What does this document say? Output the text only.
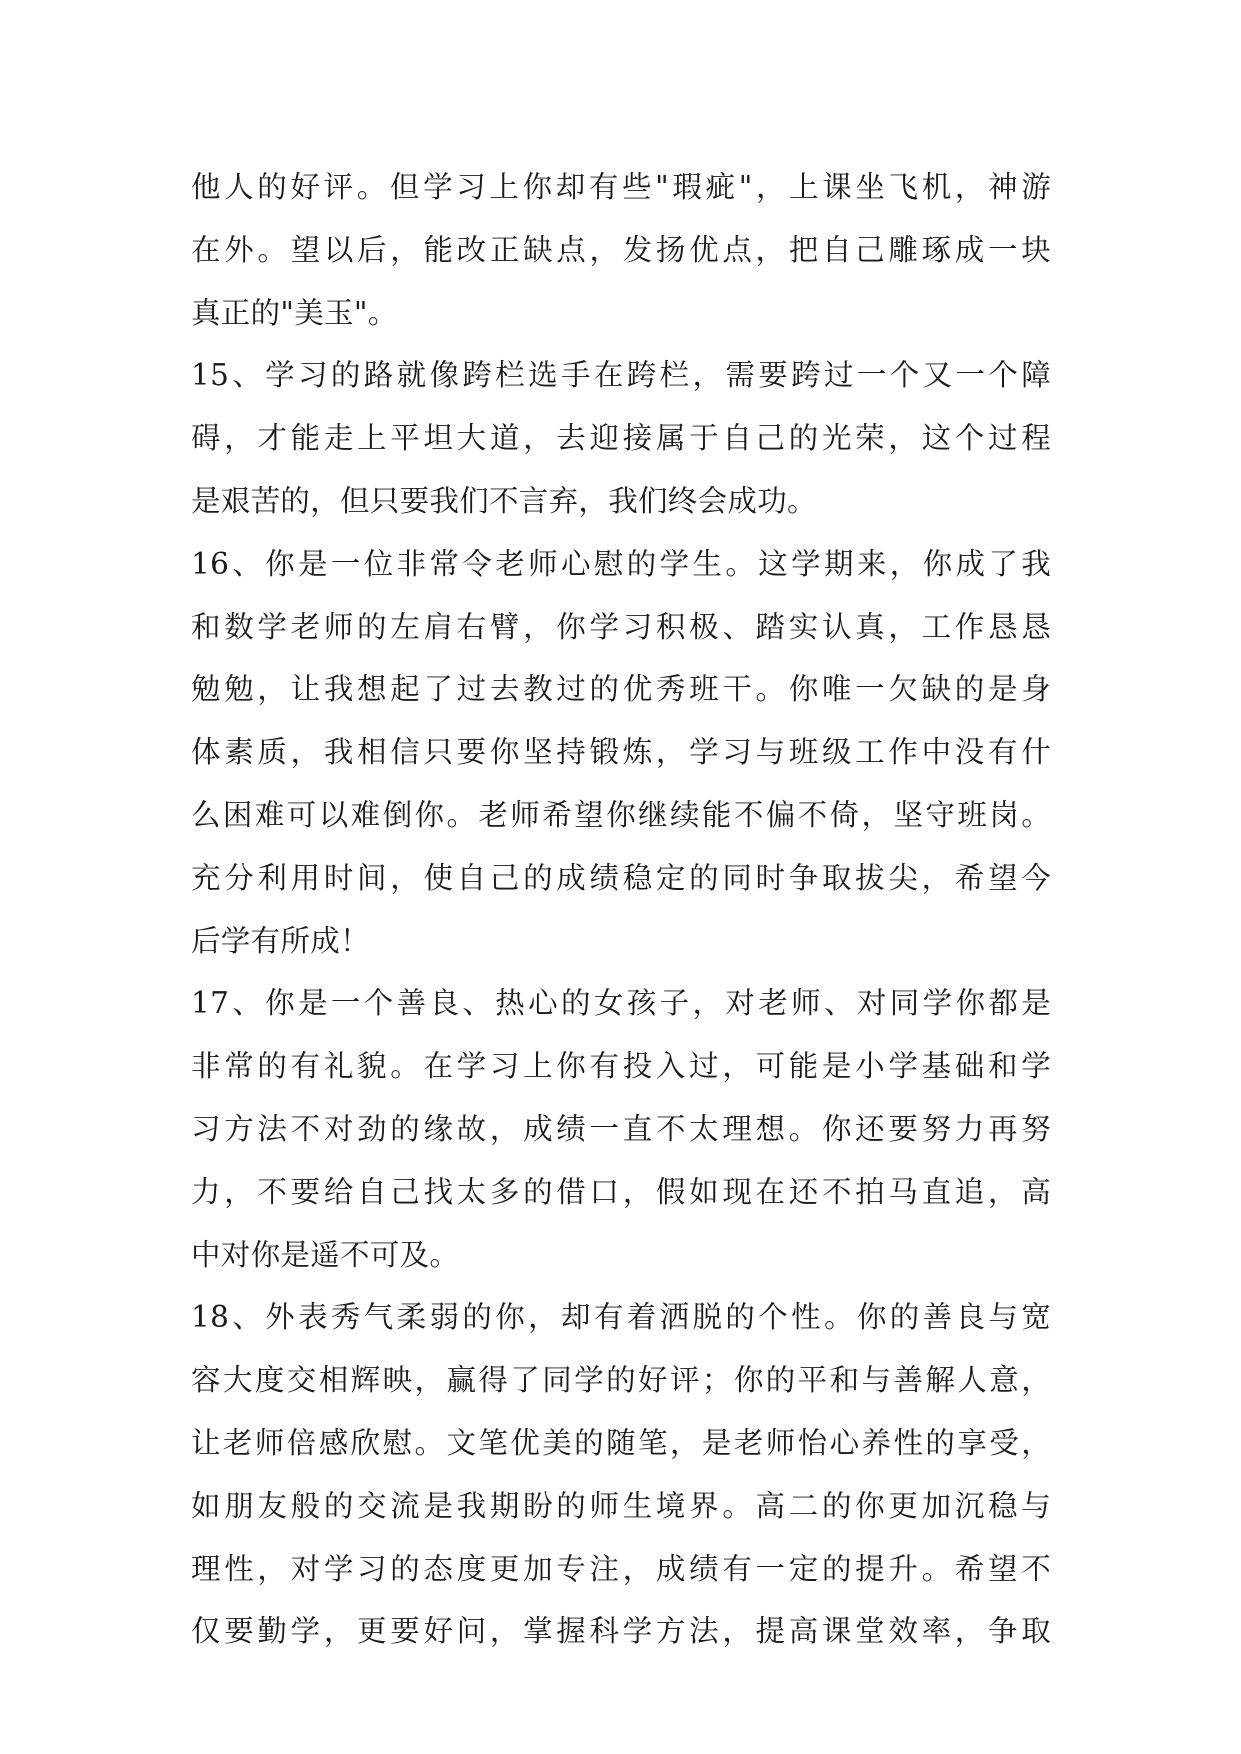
他人的好评。但学习上你却有些"瑕疵"，上课坐飞机，神游
在外。望以后，能改正缺点，发扬优点，把自己雕琢成一块
真正的"美玉"。
15、学习的路就像跨栏选手在跨栏，需要跨过一个又一个障
碍，才能走上平坦大道，去迎接属于自己的光荣，这个过程
是艰苦的，但只要我们不言弃，我们终会成功。
16、你是一位非常令老师心慰的学生。这学期来，你成了我
和数学老师的左肩右臂，你学习积极、踏实认真，工作恳恳
勉勉，让我想起了过去教过的优秀班干。你唯一欠缺的是身
体素质，我相信只要你坚持锻炼，学习与班级工作中没有什
么困难可以难倒你。老师希望你继续能不偏不倚，坚守班岗。
充分利用时间，使自己的成绩稳定的同时争取拔尖，希望今
后学有所成！
17、你是一个善良、热心的女孩子，对老师、对同学你都是
非常的有礼貌。在学习上你有投入过，可能是小学基础和学
习方法不对劲的缘故，成绩一直不太理想。你还要努力再努
力，不要给自己找太多的借口，假如现在还不拍马直追，高
中对你是遥不可及。
18、外表秀气柔弱的你，却有着洒脱的个性。你的善良与宽
容大度交相辉映，赢得了同学的好评；你的平和与善解人意，
让老师倍感欣慰。文笔优美的随笔，是老师怡心养性的享受，
如朋友般的交流是我期盼的师生境界。高二的你更加沉稳与
理性，对学习的态度更加专注，成绩有一定的提升。希望不
仅要勤学，更要好问，掌握科学方法，提高课堂效率，争取
